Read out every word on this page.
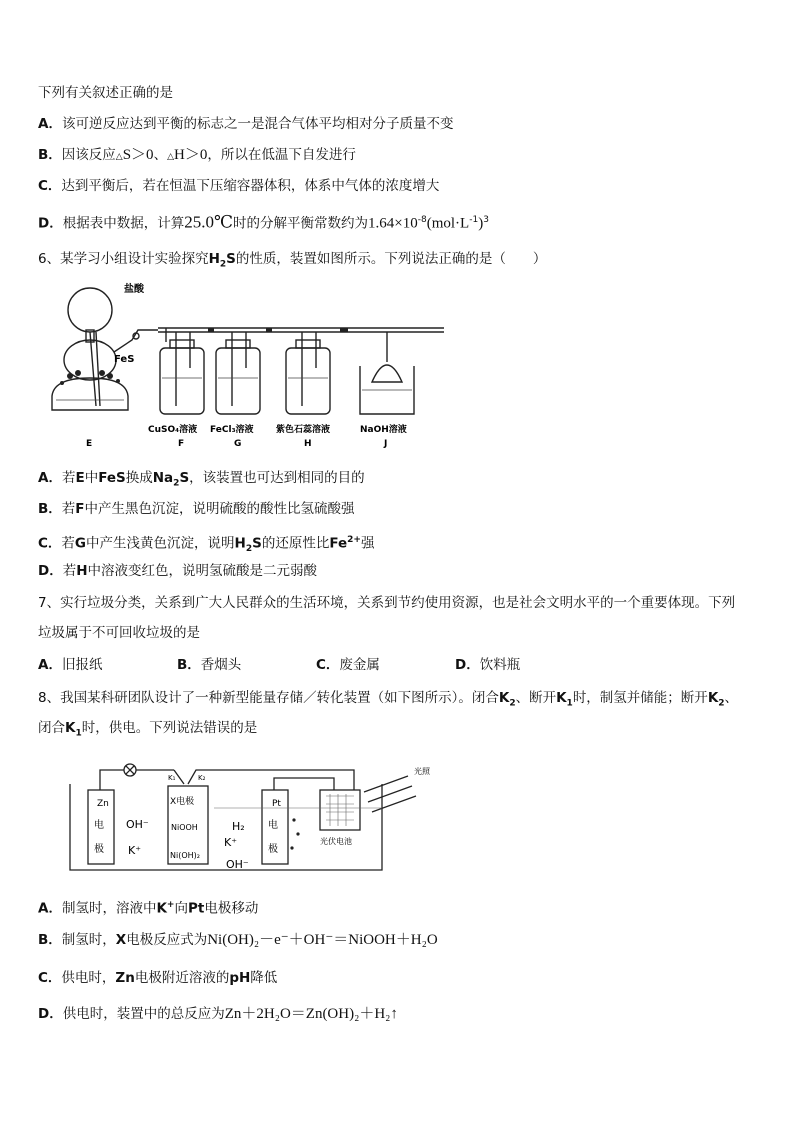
下列有关叙述正确的是
A．该可逆反应达到平衡的标志之一是混合气体平均相对分子质量不变
B．因该反应△S＞0、△H＞0，所以在低温下自发进行
C．达到平衡后，若在恒温下压缩容器体积，体系中气体的浓度增大
D．根据表中数据，计算25.0℃时的分解平衡常数约为$1.64\times 10^{-8}(mol\cdot L^{-1})^3$
6、某学习小组设计实验探究$H_2S$的性质，装置如图所示。下列说法正确的是（　　）
盐酸
FeS
CuSO₄溶液 FeCl₃溶液 紫色石蕊溶液	NaOH溶液
E	F	G	H	J
A．若E中FeS换成$Na_2S$，该装置也可达到相同的目的
B．若F中产生黑色沉淀，说明硫酸的酸性比氢硫酸强
C．若G中产生浅黄色沉淀，说明$H_2S$的还原性比$Fe^{2+}$强
D．若H中溶液变红色，说明氢硫酸是二元弱酸
7、实行垃圾分类，关系到广大人民群众的生活环境，关系到节约使用资源，也是社会文明水平的一个重要体现。下列
垃圾属于不可回收垃圾的是
A．旧报纸	B．香烟头	C．废金属	D．饮料瓶
8、我国某科研团队设计了一种新型能量存储／转化装置（如下图所示）。闭合$K_2$、断开$K_1$时，制氢并储能；断开$K_2$、
闭合$K_1$时，供电。下列说法错误的是
Zn
电
极
X电极
NiOOH
Ni(OH)₂
OH⁻
K⁺
H₂
K⁺
OH⁻
Pt
电
极
K₁	K₂
光照
光伏电池
A．制氢时，溶液中K+向Pt电极移动
B．制氢时，X电极反应式为Ni(OH)₂－e⁻＋OH⁻＝NiOOH＋H₂O
C．供电时，Zn电极附近溶液的pH降低
D．供电时，装置中的总反应为Zn＋2H₂O＝Zn(OH)₂＋H₂↑
